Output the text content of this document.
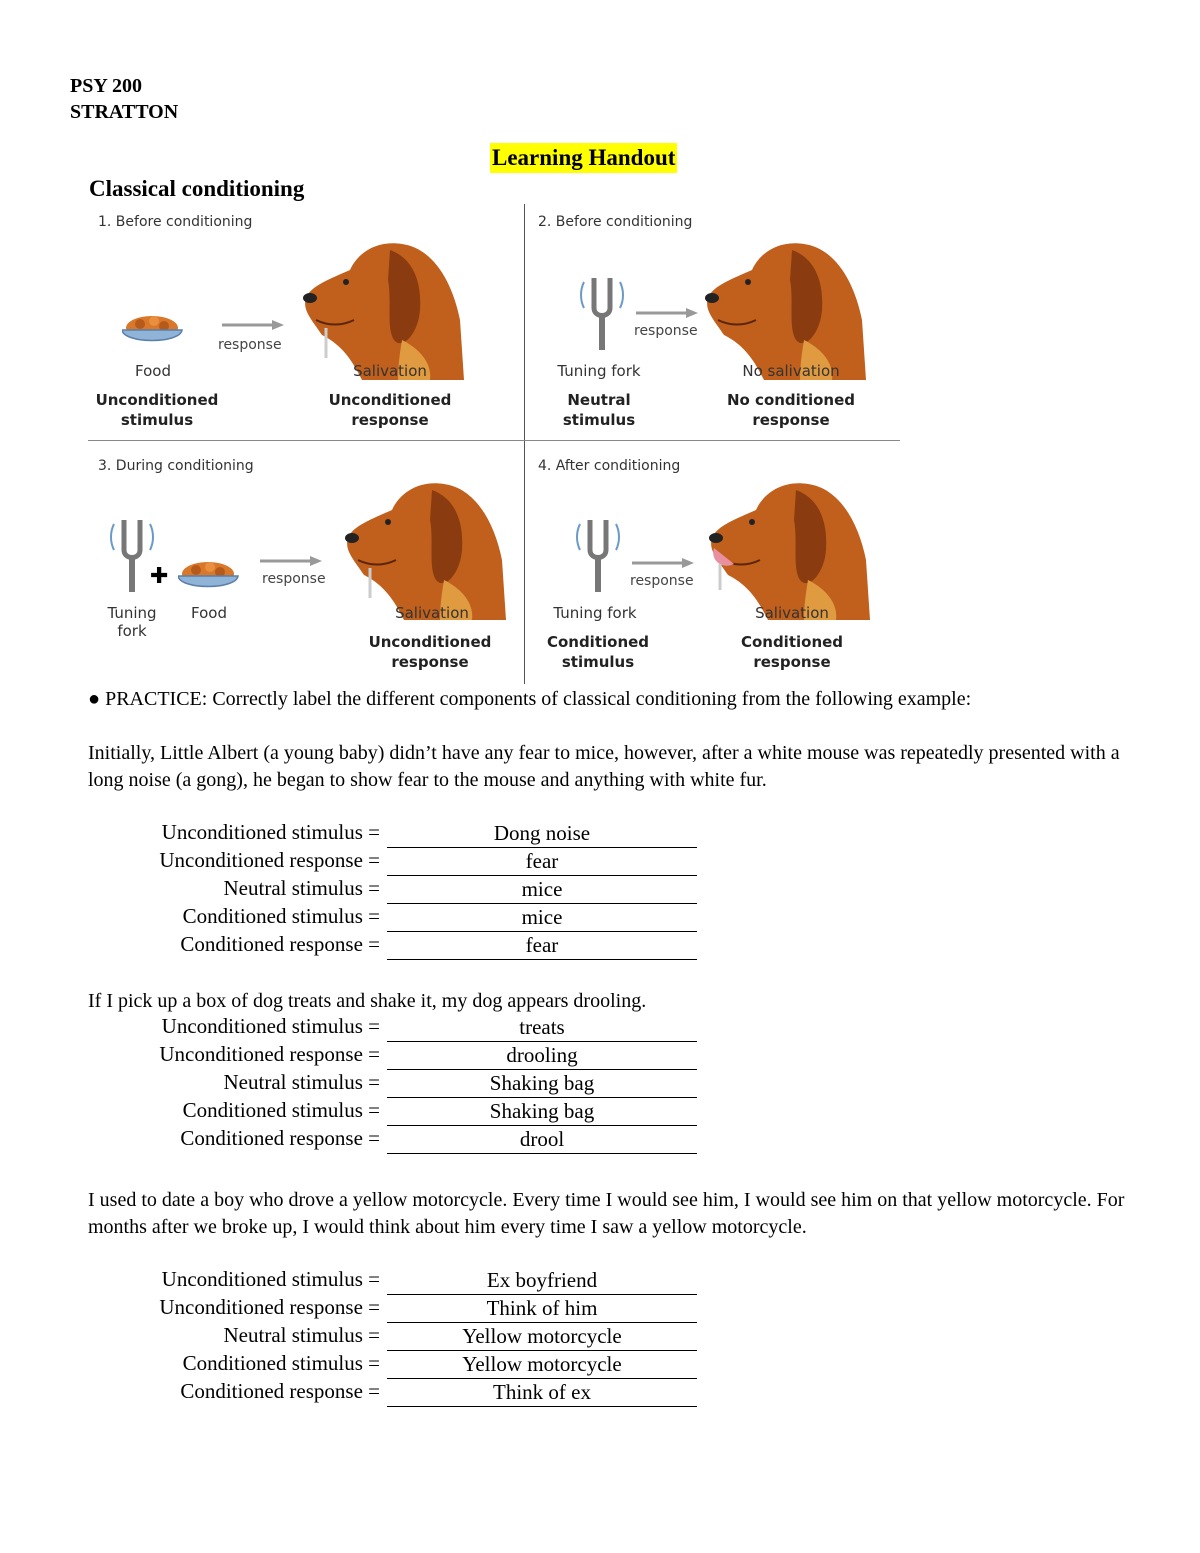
PSY 200
STRATTON
Learning Handout
Classical conditioning
1. Before conditioning
response
Food
Unconditioned
stimulus
Salivation
Unconditioned
response
2. Before conditioning
response
Tuning fork
Neutral
stimulus
No salivation
No conditioned
response
3. During conditioning
✚	response
Tuning
fork
Food	Salivation
Unconditioned
response
4. After conditioning
response
Tuning fork
Conditioned
stimulus
Salivation
Conditioned
response
● PRACTICE: Correctly label the different components of classical conditioning from the following example:
Initially, Little Albert (a young baby) didn’t have any fear to mice, however, after a white mouse was repeatedly presented with a long noise (a gong), he began to show fear to the mouse and anything with white fur.
Unconditioned stimulus =	Dong noise
Unconditioned response =	fear
Neutral stimulus =	mice
Conditioned stimulus =	mice
Conditioned response =	fear
If I pick up a box of dog treats and shake it, my dog appears drooling.
Unconditioned stimulus =	treats
Unconditioned response =	drooling
Neutral stimulus =	Shaking bag
Conditioned stimulus =	Shaking bag
Conditioned response =	drool
I used to date a boy who drove a yellow motorcycle. Every time I would see him, I would see him on that yellow motorcycle. For months after we broke up, I would think about him every time I saw a yellow motorcycle.
Unconditioned stimulus =	Ex boyfriend
Unconditioned response =	Think of him
Neutral stimulus =	Yellow motorcycle
Conditioned stimulus =	Yellow motorcycle
Conditioned response =	Think of ex
